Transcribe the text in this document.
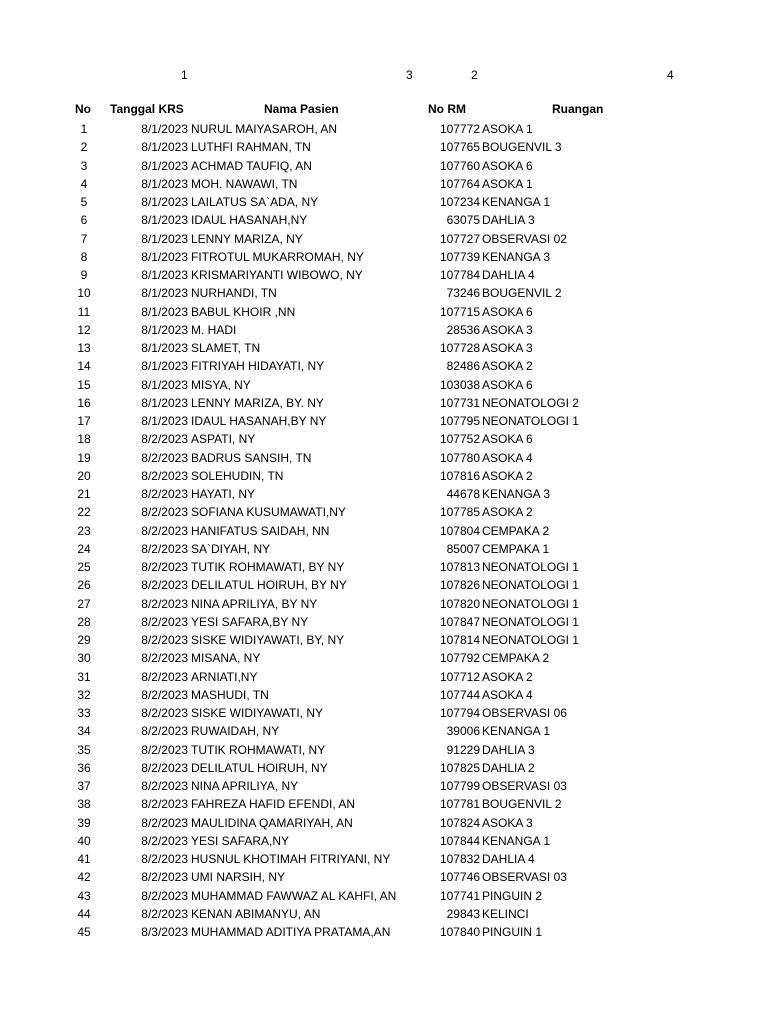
1	3	2	4
No Tanggal KRS	Nama Pasien	No RM	Ruangan
1	8/1/2023 NURUL MAIYASAROH, AN	107772 ASOKA 1
2	8/1/2023 LUTHFI RAHMAN, TN	107765 BOUGENVIL 3
3	8/1/2023 ACHMAD TAUFIQ, AN	107760 ASOKA 6
4	8/1/2023 MOH. NAWAWI, TN	107764 ASOKA 1
5	8/1/2023 LAILATUS SA`ADA, NY	107234 KENANGA 1
6	8/1/2023 IDAUL HASANAH,NY	63075 DAHLIA 3
7	8/1/2023 LENNY MARIZA, NY	107727 OBSERVASI 02
8	8/1/2023 FITROTUL MUKARROMAH, NY	107739 KENANGA 3
9	8/1/2023 KRISMARIYANTI WIBOWO, NY	107784 DAHLIA 4
10	8/1/2023 NURHANDI, TN	73246 BOUGENVIL 2
11	8/1/2023 BABUL KHOIR ,NN	107715 ASOKA 6
12	8/1/2023 M. HADI	28536 ASOKA 3
13	8/1/2023 SLAMET, TN	107728 ASOKA 3
14	8/1/2023 FITRIYAH HIDAYATI, NY	82486 ASOKA 2
15	8/1/2023 MISYA, NY	103038 ASOKA 6
16	8/1/2023 LENNY MARIZA, BY. NY	107731 NEONATOLOGI 2
17	8/1/2023 IDAUL HASANAH,BY NY	107795 NEONATOLOGI 1
18	8/2/2023 ASPATI, NY	107752 ASOKA 6
19	8/2/2023 BADRUS SANSIH, TN	107780 ASOKA 4
20	8/2/2023 SOLEHUDIN, TN	107816 ASOKA 2
21	8/2/2023 HAYATI, NY	44678 KENANGA 3
22	8/2/2023 SOFIANA KUSUMAWATI,NY	107785 ASOKA 2
23	8/2/2023 HANIFATUS SAIDAH, NN	107804 CEMPAKA 2
24	8/2/2023 SA`DIYAH, NY	85007 CEMPAKA 1
25	8/2/2023 TUTIK ROHMAWATI, BY NY	107813 NEONATOLOGI 1
26	8/2/2023 DELILATUL HOIRUH, BY NY	107826 NEONATOLOGI 1
27	8/2/2023 NINA APRILIYA, BY NY	107820 NEONATOLOGI 1
28	8/2/2023 YESI SAFARA,BY NY	107847 NEONATOLOGI 1
29	8/2/2023 SISKE WIDIYAWATI, BY, NY	107814 NEONATOLOGI 1
30	8/2/2023 MISANA, NY	107792 CEMPAKA 2
31	8/2/2023 ARNIATI,NY	107712 ASOKA 2
32	8/2/2023 MASHUDI, TN	107744 ASOKA 4
33	8/2/2023 SISKE WIDIYAWATI, NY	107794 OBSERVASI 06
34	8/2/2023 RUWAIDAH, NY	39006 KENANGA 1
35	8/2/2023 TUTIK ROHMAWATI, NY	91229 DAHLIA 3
36	8/2/2023 DELILATUL HOIRUH, NY	107825 DAHLIA 2
37	8/2/2023 NINA APRILIYA, NY	107799 OBSERVASI 03
38	8/2/2023 FAHREZA HAFID EFENDI, AN	107781 BOUGENVIL 2
39	8/2/2023 MAULIDINA QAMARIYAH, AN	107824 ASOKA 3
40	8/2/2023 YESI SAFARA,NY	107844 KENANGA 1
41	8/2/2023 HUSNUL KHOTIMAH FITRIYANI, NY	107832 DAHLIA 4
42	8/2/2023 UMI NARSIH, NY	107746 OBSERVASI 03
43	8/2/2023 MUHAMMAD FAWWAZ AL KAHFI, AN	107741 PINGUIN 2
44	8/2/2023 KENAN ABIMANYU, AN	29843 KELINCI
45	8/3/2023 MUHAMMAD ADITIYA PRATAMA,AN	107840 PINGUIN 1
